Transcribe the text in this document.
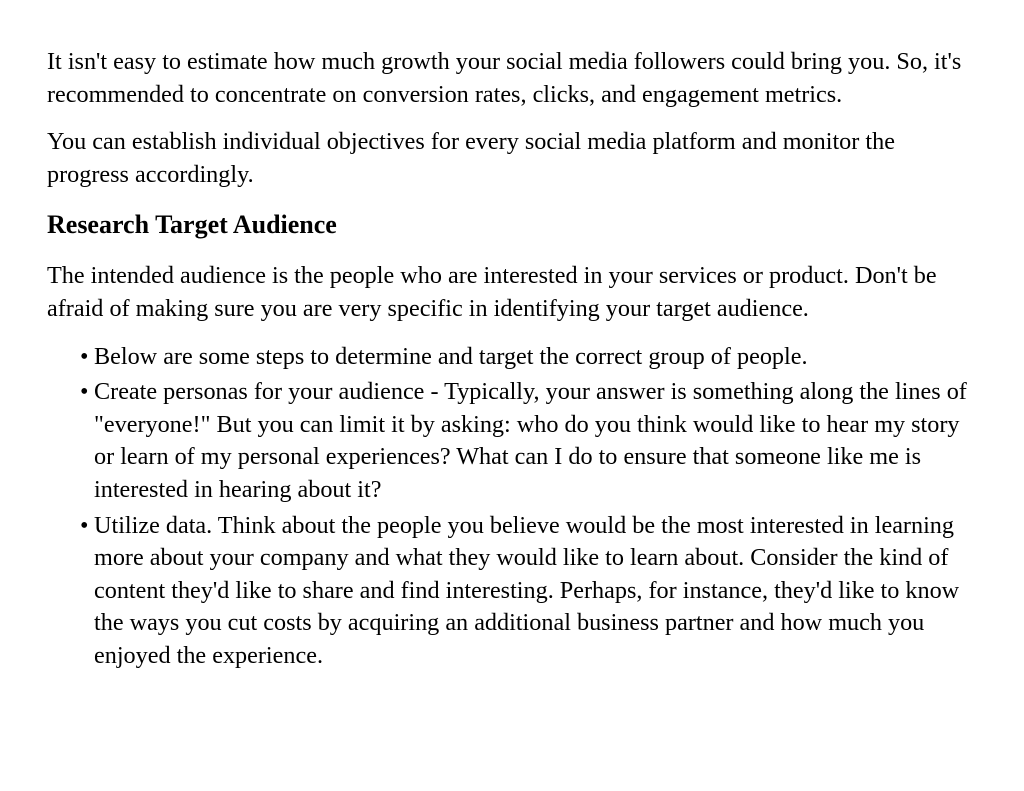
It isn't easy to estimate how much growth your social media followers could bring you. So, it's recommended to concentrate on conversion rates, clicks, and engagement metrics.

You can establish individual objectives for every social media platform and monitor the progress accordingly.

Research Target Audience

The intended audience is the people who are interested in your services or product. Don't be afraid of making sure you are very specific in identifying your target audience.

• Below are some steps to determine and target the correct group of people.
• Create personas for your audience - Typically, your answer is something along the lines of "everyone!" But you can limit it by asking: who do you think would like to hear my story or learn of my personal experiences? What can I do to ensure that someone like me is interested in hearing about it?
• Utilize data. Think about the people you believe would be the most interested in learning more about your company and what they would like to learn about. Consider the kind of content they'd like to share and find interesting. Perhaps, for instance, they'd like to know the ways you cut costs by acquiring an additional business partner and how much you enjoyed the experience.
